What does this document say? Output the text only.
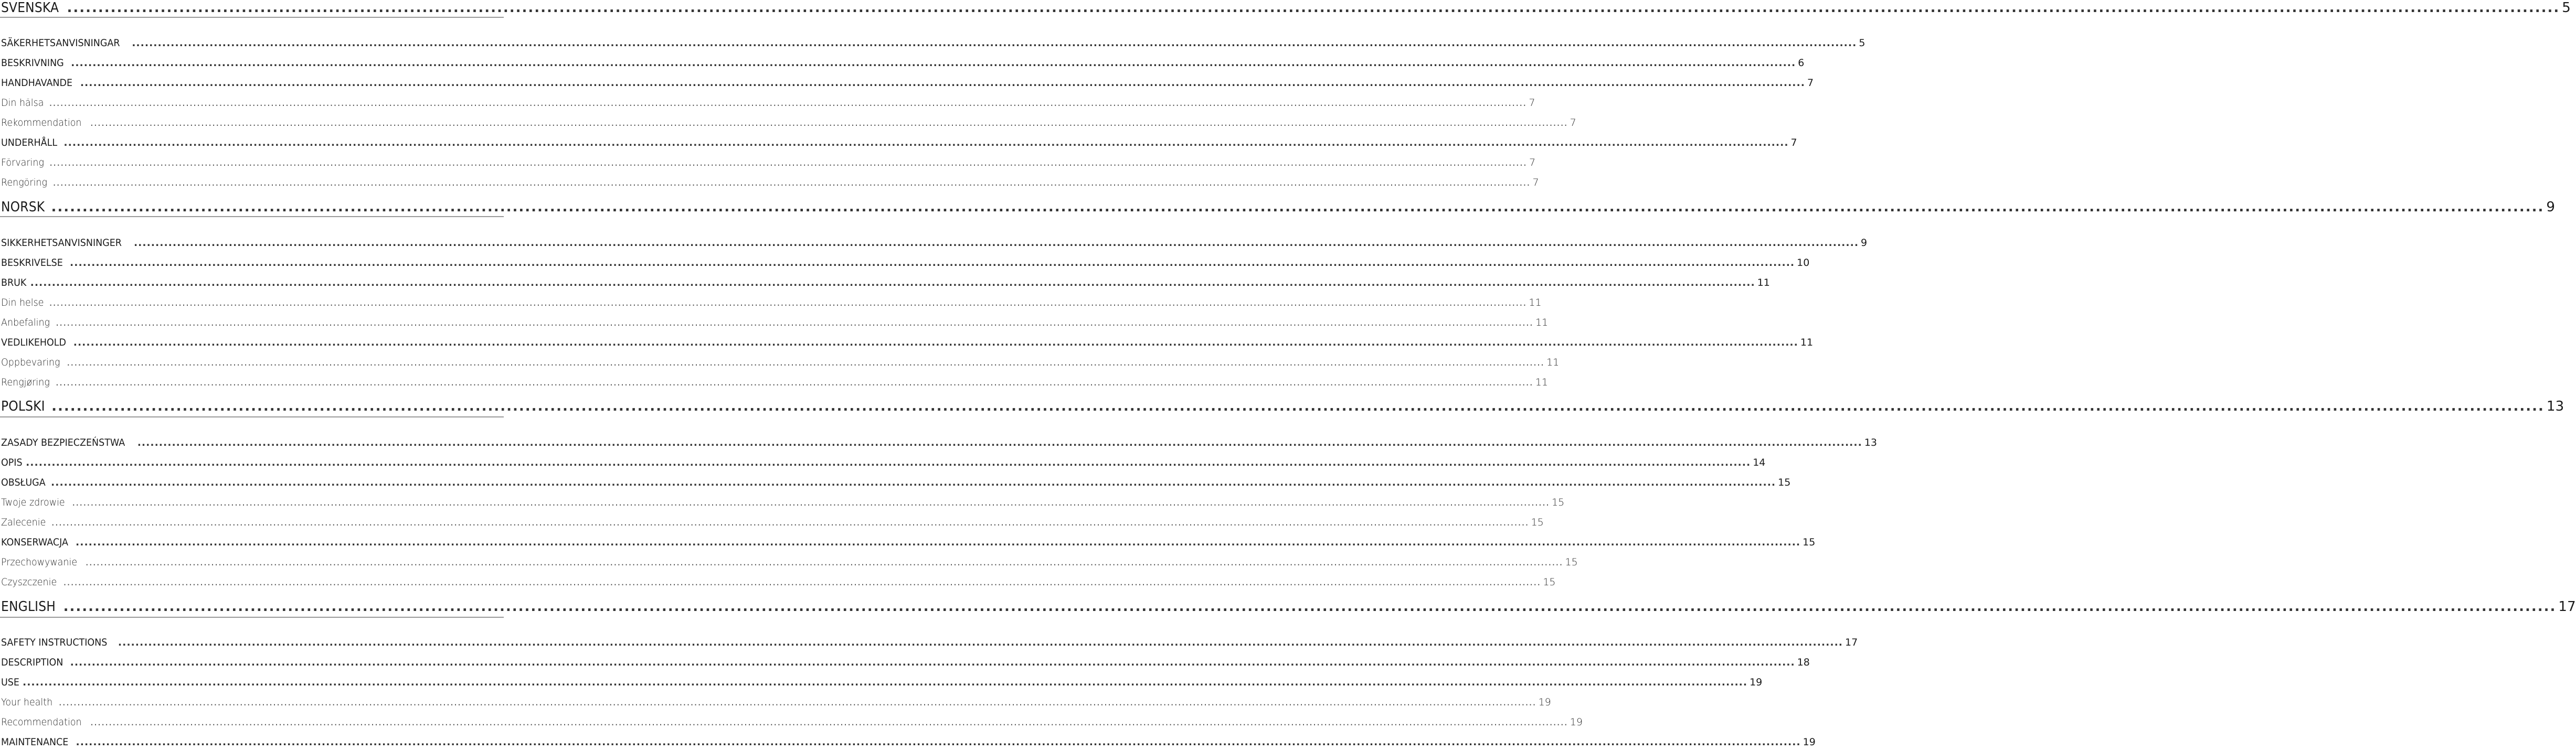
SVENSKA ................................................................................................................................................................................................................................................................................................................................................................................................................ 5
SÄKERHETSANVISNINGAR ................................................................................................................................................................................................................................................................................................................................................................................................................ 5
BESKRIVNING ................................................................................................................................................................................................................................................................................................................................................................................................................ 6
HANDHAVANDE ................................................................................................................................................................................................................................................................................................................................................................................................................ 7
Din hälsa ................................................................................................................................................................................................................................................................................................................................................................................................................ 7
Rekommendation ................................................................................................................................................................................................................................................................................................................................................................................................................ 7
UNDERHÅLL ................................................................................................................................................................................................................................................................................................................................................................................................................ 7
Förvaring ................................................................................................................................................................................................................................................................................................................................................................................................................ 7
Rengöring ................................................................................................................................................................................................................................................................................................................................................................................................................ 7
NORSK ................................................................................................................................................................................................................................................................................................................................................................................................................ 9
SIKKERHETSANVISNINGER ................................................................................................................................................................................................................................................................................................................................................................................................................ 9
BESKRIVELSE ................................................................................................................................................................................................................................................................................................................................................................................................................ 10
BRUK ................................................................................................................................................................................................................................................................................................................................................................................................................ 11
Din helse ................................................................................................................................................................................................................................................................................................................................................................................................................ 11
Anbefaling ................................................................................................................................................................................................................................................................................................................................................................................................................ 11
VEDLIKEHOLD ................................................................................................................................................................................................................................................................................................................................................................................................................ 11
Oppbevaring ................................................................................................................................................................................................................................................................................................................................................................................................................ 11
Rengjøring ................................................................................................................................................................................................................................................................................................................................................................................................................ 11
POLSKI ................................................................................................................................................................................................................................................................................................................................................................................................................ 13
ZASADY BEZPIECZEŃSTWA ................................................................................................................................................................................................................................................................................................................................................................................................................ 13
OPIS ................................................................................................................................................................................................................................................................................................................................................................................................................ 14
OBSŁUGA ................................................................................................................................................................................................................................................................................................................................................................................................................ 15
Twoje zdrowie ................................................................................................................................................................................................................................................................................................................................................................................................................ 15
Zalecenie ................................................................................................................................................................................................................................................................................................................................................................................................................ 15
KONSERWACJA ................................................................................................................................................................................................................................................................................................................................................................................................................ 15
Przechowywanie ................................................................................................................................................................................................................................................................................................................................................................................................................ 15
Czyszczenie ................................................................................................................................................................................................................................................................................................................................................................................................................ 15
ENGLISH ................................................................................................................................................................................................................................................................................................................................................................................................................ 17
SAFETY INSTRUCTIONS ................................................................................................................................................................................................................................................................................................................................................................................................................ 17
DESCRIPTION ................................................................................................................................................................................................................................................................................................................................................................................................................ 18
USE ................................................................................................................................................................................................................................................................................................................................................................................................................ 19
Your health ................................................................................................................................................................................................................................................................................................................................................................................................................ 19
Recommendation ................................................................................................................................................................................................................................................................................................................................................................................................................ 19
MAINTENANCE ................................................................................................................................................................................................................................................................................................................................................................................................................ 19
